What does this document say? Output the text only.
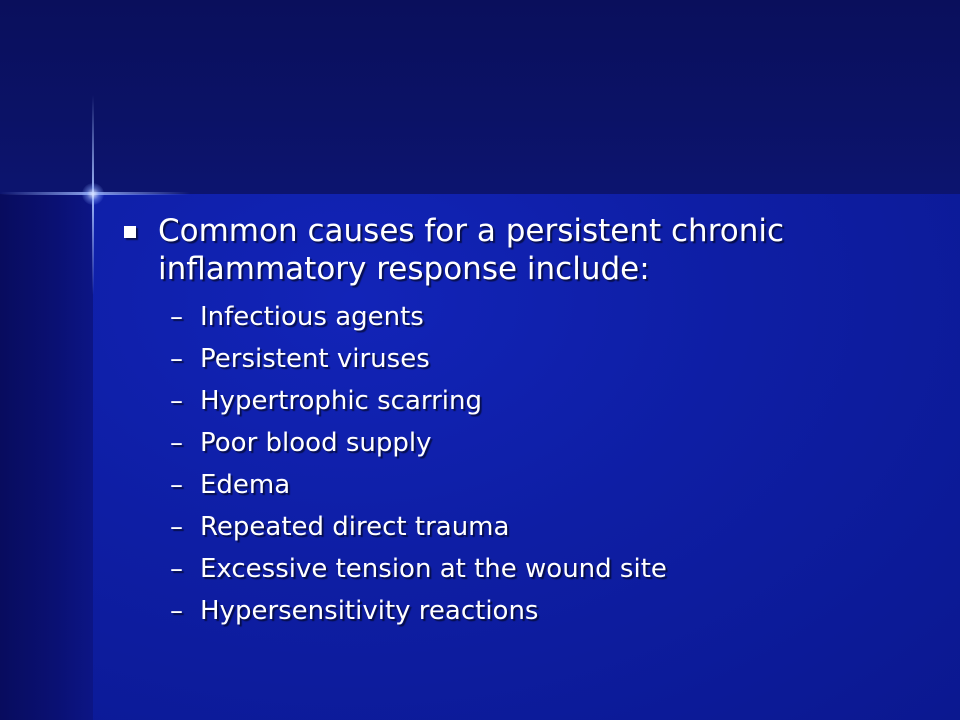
Common causes for a persistent chronic inflammatory response include:
– Infectious agents
– Persistent viruses
– Hypertrophic scarring
– Poor blood supply
– Edema
– Repeated direct trauma
– Excessive tension at the wound site
– Hypersensitivity reactions
